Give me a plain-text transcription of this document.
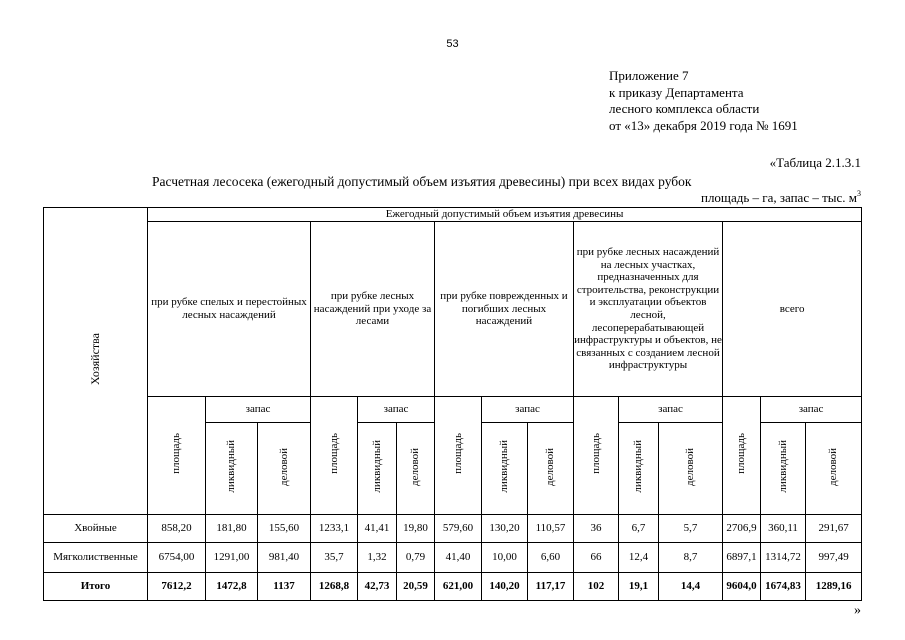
53
Приложение 7
к приказу Департамента
лесного комплекса области
от «13» декабря 2019 года № 1691
«Таблица 2.1.3.1
Расчетная лесосека (ежегодный допустимый объем изъятия древесины) при всех видах рубок
площадь – га, запас – тыс. $м^3$
Хозяйства	Ежегодный допустимый объем изъятия древесины														
	при рубке спелых и перестойных лесных насаждений			при рубке лесных насаждений при уходе за лесами			при рубке поврежденных и погибших лесных насаждений			при рубке лесных насаждений на лесных участках, предназначенных для строительства, реконструкции и эксплуатации объектов лесной, лесоперерабатывающей инфраструктуры и объектов, не связанных с созданием лесной инфраструктуры			всего		
	площадь	запас		площадь	запас		площадь	запас		площадь	запас		площадь	запас	
		ликвидный	деловой		ликвидный	деловой		ликвидный	деловой		ликвидный	деловой		ликвидный	деловой
Хвойные	858,20	181,80	155,60	1233,1	41,41	19,80	579,60	130,20	110,57	36	6,7	5,7	2706,9	360,11	291,67
Мягколиственные	6754,00	1291,00	981,40	35,7	1,32	0,79	41,40	10,00	6,60	66	12,4	8,7	6897,1	1314,72	997,49
Итого	7612,2	1472,8	1137	1268,8	42,73	20,59	621,00	140,20	117,17	102	19,1	14,4	9604,0	1674,83	1289,16
»
